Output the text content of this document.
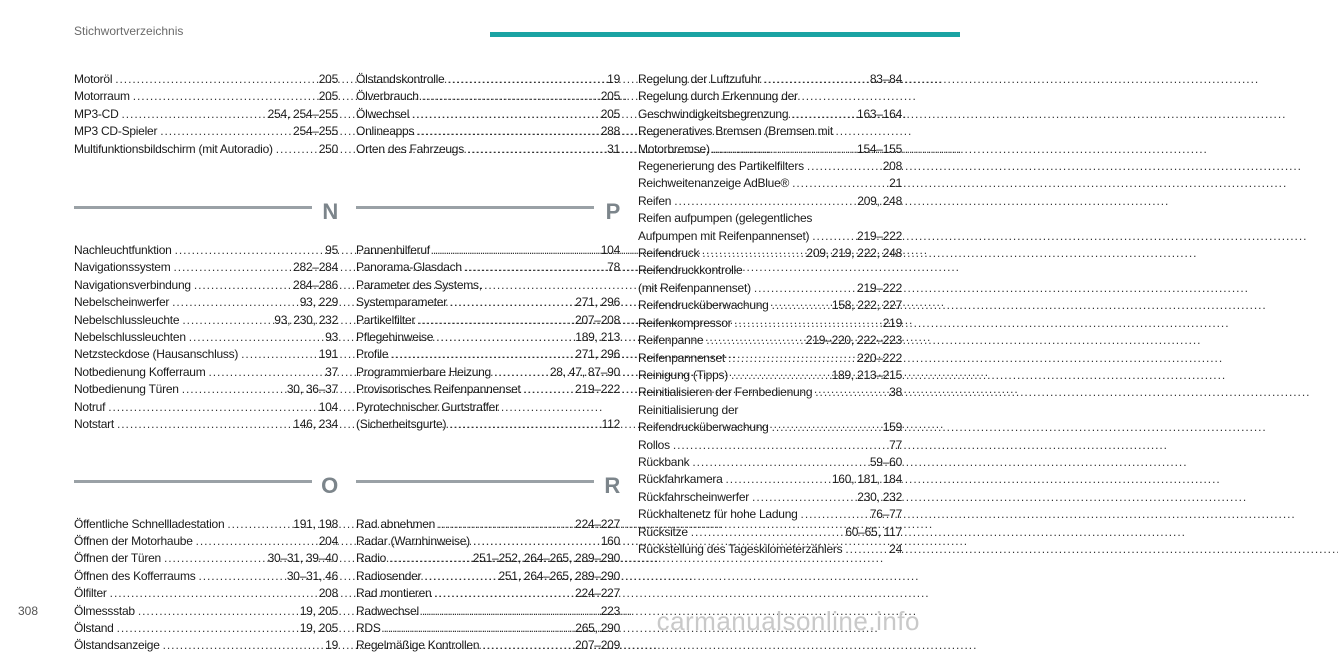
Stichwortverzeichnis
Motoröl . . .	205
Motorraum . . .	205
MP3-CD . . .	254, 254–255
MP3 CD-Spieler . . .	254–255
Multifunktionsbildschirm (mit Autoradio) . . .	250
N
Nachleuchtfunktion . . .	95
Navigationssystem . . .	282–284
Navigationsverbindung . . .	284–286
Nebelscheinwerfer . . .	93, 229
Nebelschlussleuchte . . .	93, 230, 232
Nebelschlussleuchten . . .	93
Netzsteckdose (Hausanschluss) . . .	191
Notbedienung Kofferraum . . .	37
Notbedienung Türen . . .	30, 36–37
Notruf . . .	104
Notstart . . .	146, 234
O
Öffentliche Schnellladestation . . .	191, 198
Öffnen der Motorhaube . . .	204
Öffnen der Türen . . .	30–31, 39–40
Öffnen des Kofferraums . . .	30–31, 46
Ölfilter . . .	208
Ölmessstab . . .	19, 205
Ölstand . . .	19, 205
Ölstandsanzeige . . .	19
Ölstandskontrolle . . .	19
Ölverbrauch . . .	205
Ölwechsel . . .	205
Onlineapps . . .	288
Orten des Fahrzeugs . . .	31
P
Pannenhilferuf . . .	104
Panorama-Glasdach . . .	78
Parameter des Systems,
Systemparameter . . .	271, 296
Partikelfilter . . .	207–208
Pflegehinweise . . .	189, 213
Profile . . .	271, 296
Programmierbare Heizung . . .	28, 47, 87–90
Provisorisches Reifenpannenset . . .	219–222
Pyrotechnischer Gurtstraffer
(Sicherheitsgurte) . . .	112
R
Rad abnehmen . . .	224–227
Radar (Warnhinweise) . . .	160
Radio . . .	251–252, 264–265, 289–290
Radiosender . . .	251, 264–265, 289–290
Rad montieren . . .	224–227
Radwechsel . . .	223
RDS . . .	265, 290
Regelmäßige Kontrollen . . .	207–209
Regelung der Luftzufuhr . . .	83–84
Regelung durch Erkennung der
Geschwindigkeitsbegrenzung . . .	163–164
Regeneratives Bremsen (Bremsen mit
Motorbremse) . . .	154–155
Regenerierung des Partikelfilters . . .	208
Reichweitenanzeige AdBlue® . . .	21
Reifen . . .	209, 248
Reifen aufpumpen (gelegentliches
Aufpumpen mit Reifenpannenset) . . .	219–222
Reifendruck . . .	209, 219, 222, 248
Reifendruckkontrolle
(mit Reifenpannenset) . . .	219–222
Reifendrucküberwachung . . .	158, 222, 227
Reifenkompressor . . .	219
Reifenpanne . . .	219–220, 222–223
Reifenpannenset . . .	220–222
Reinigung (Tipps) . . .	189, 213–215
Reinitialisieren der Fernbedienung . . .	38
Reinitialisierung der
Reifendrucküberwachung . . .	159
Rollos . . .	77
Rückbank . . .	59–60
Rückfahrkamera . . .	160, 181, 184
Rückfahrscheinwerfer . . .	230, 232
Rückhaltenetz für hohe Ladung . . .	76–77
Rücksitze . . .	60–65, 117
Rückstellung des Tageskilometerzählers . . .	24
308	carmanualsonline.info
